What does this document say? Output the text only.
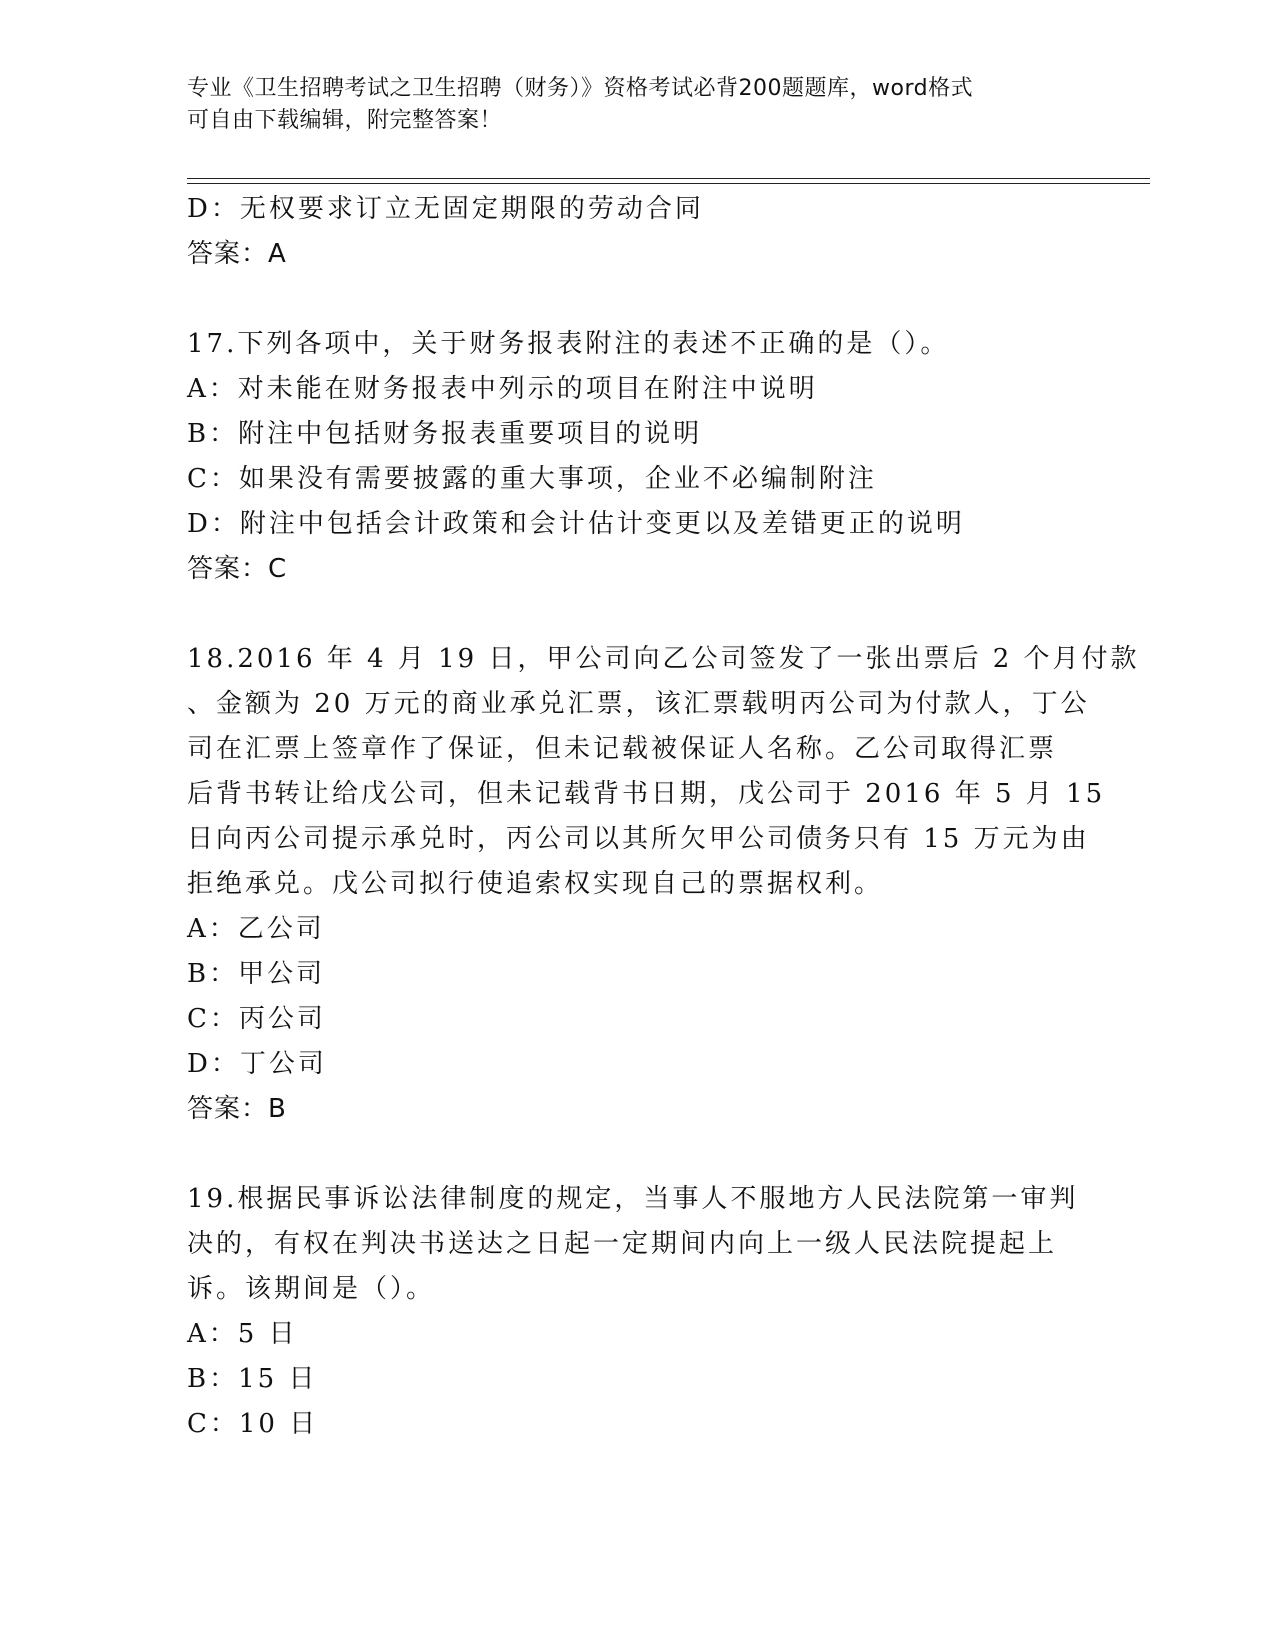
专业《卫生招聘考试之卫生招聘（财务）》资格考试必背200题题库，word格式
可自由下载编辑，附完整答案！
D：无权要求订立无固定期限的劳动合同
答案：A
17.下列各项中，关于财务报表附注的表述不正确的是（）。
A：对未能在财务报表中列示的项目在附注中说明
B：附注中包括财务报表重要项目的说明
C：如果没有需要披露的重大事项，企业不必编制附注
D：附注中包括会计政策和会计估计变更以及差错更正的说明
答案：C
18.2016 年 4 月 19 日，甲公司向乙公司签发了一张出票后 2 个月付款
、金额为 20 万元的商业承兑汇票，该汇票载明丙公司为付款人，丁公
司在汇票上签章作了保证，但未记载被保证人名称。乙公司取得汇票
后背书转让给戊公司，但未记载背书日期，戊公司于 2016 年 5 月 15
日向丙公司提示承兑时，丙公司以其所欠甲公司债务只有 15 万元为由
拒绝承兑。戊公司拟行使追索权实现自己的票据权利。
A：乙公司
B：甲公司
C：丙公司
D：丁公司
答案：B
19.根据民事诉讼法律制度的规定，当事人不服地方人民法院第一审判
决的，有权在判决书送达之日起一定期间内向上一级人民法院提起上
诉。该期间是（）。
A：5 日
B：15 日
C：10 日
